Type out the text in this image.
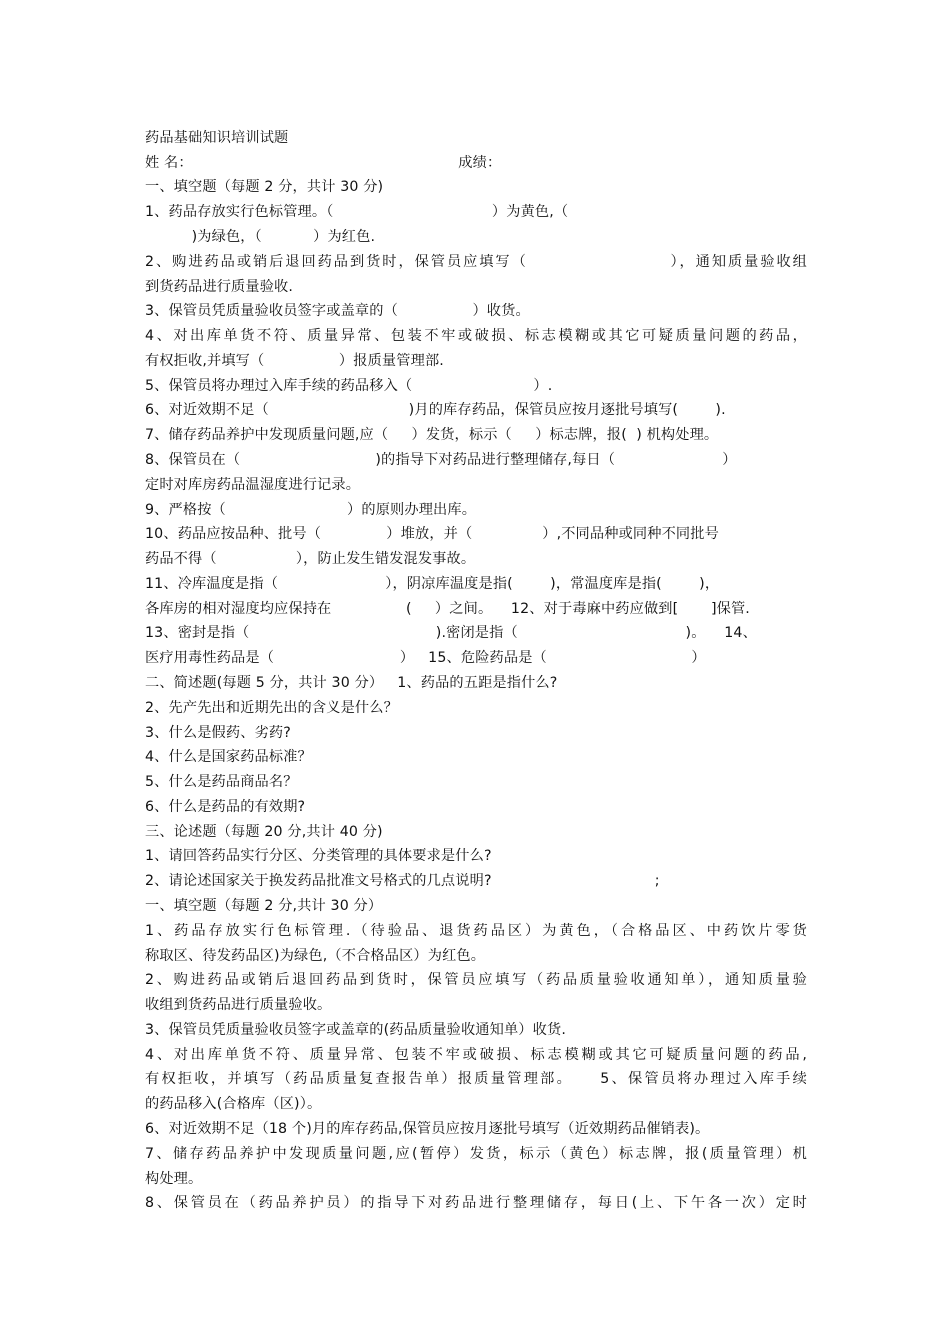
药品基础知识培训试题
姓 名：                                                         成绩：
一、填空题（每题 2 分，共计 30 分)
1、药品存放实行色标管理。（                                  ）为黄色,（
)为绿色，（           ）为红色.
2、购进药品或销后退回药品到货时，保管员应填写（                      ），通知质量验收组
到货药品进行质量验收.
3、保管员凭质量验收员签字或盖章的（                ）收货。
4、对出库单货不符、质量异常、包装不牢或破损、标志模糊或其它可疑质量问题的药品，
有权拒收,并填写（                ）报质量管理部.
5、保管员将办理过入库手续的药品移入（                          ）.
6、对近效期不足（                              )月的库存药品，保管员应按月逐批号填写(        ).
7、储存药品养护中发现质量问题,应（     ）发货，标示（     ）标志牌，报(  ) 机构处理。
8、保管员在（                             )的指导下对药品进行整理储存,每日（                       ）
定时对库房药品温湿度进行记录。
9、严格按（                          ）的原则办理出库。
10、药品应按品种、批号（              ）堆放，并（               ）,不同品种或同种不同批号
药品不得（                 ），防止发生错发混发事故。
11、冷库温度是指（                       ），阴凉库温度是指(        )，常温度库是指(        )，
各库房的相对湿度均应保持在                (     ）之间。    12、对于毒麻中药应做到[       ]保管.
13、密封是指（                                        ).密闭是指（                                    )。    14、
医疗用毒性药品是（                           ）   15、危险药品是（                               ）
二、简述题(每题 5 分，共计 30 分）   1、药品的五距是指什么?
2、先产先出和近期先出的含义是什么？
3、什么是假药、劣药?
4、什么是国家药品标准？
5、什么是药品商品名？
6、什么是药品的有效期?
三、论述题（每题 20 分,共计 40 分)
1、请回答药品实行分区、分类管理的具体要求是什么?
2、请论述国家关于换发药品批准文号格式的几点说明?                                   ;
一、填空题（每题 2 分,共计 30 分）
1、药品存放实行色标管理.（待验品、退货药品区）为黄色，（合格品区、中药饮片零货
称取区、待发药品区)为绿色,（不合格品区）为红色。
2、购进药品或销后退回药品到货时，保管员应填写（药品质量验收通知单），通知质量验
收组到货药品进行质量验收。
3、保管员凭质量验收员签字或盖章的(药品质量验收通知单）收货.
4、对出库单货不符、质量异常、包装不牢或破损、标志模糊或其它可疑质量问题的药品,
有权拒收，并填写（药品质量复查报告单）报质量管理部。    5、保管员将办理过入库手续
的药品移入(合格库（区)）。
6、对近效期不足（18 个)月的库存药品,保管员应按月逐批号填写（近效期药品催销表)。
7、储存药品养护中发现质量问题,应(暂停）发货，标示（黄色）标志牌，报(质量管理）机
构处理。
8、保管员在（药品养护员）的指导下对药品进行整理储存，每日(上、下午各一次）定时
